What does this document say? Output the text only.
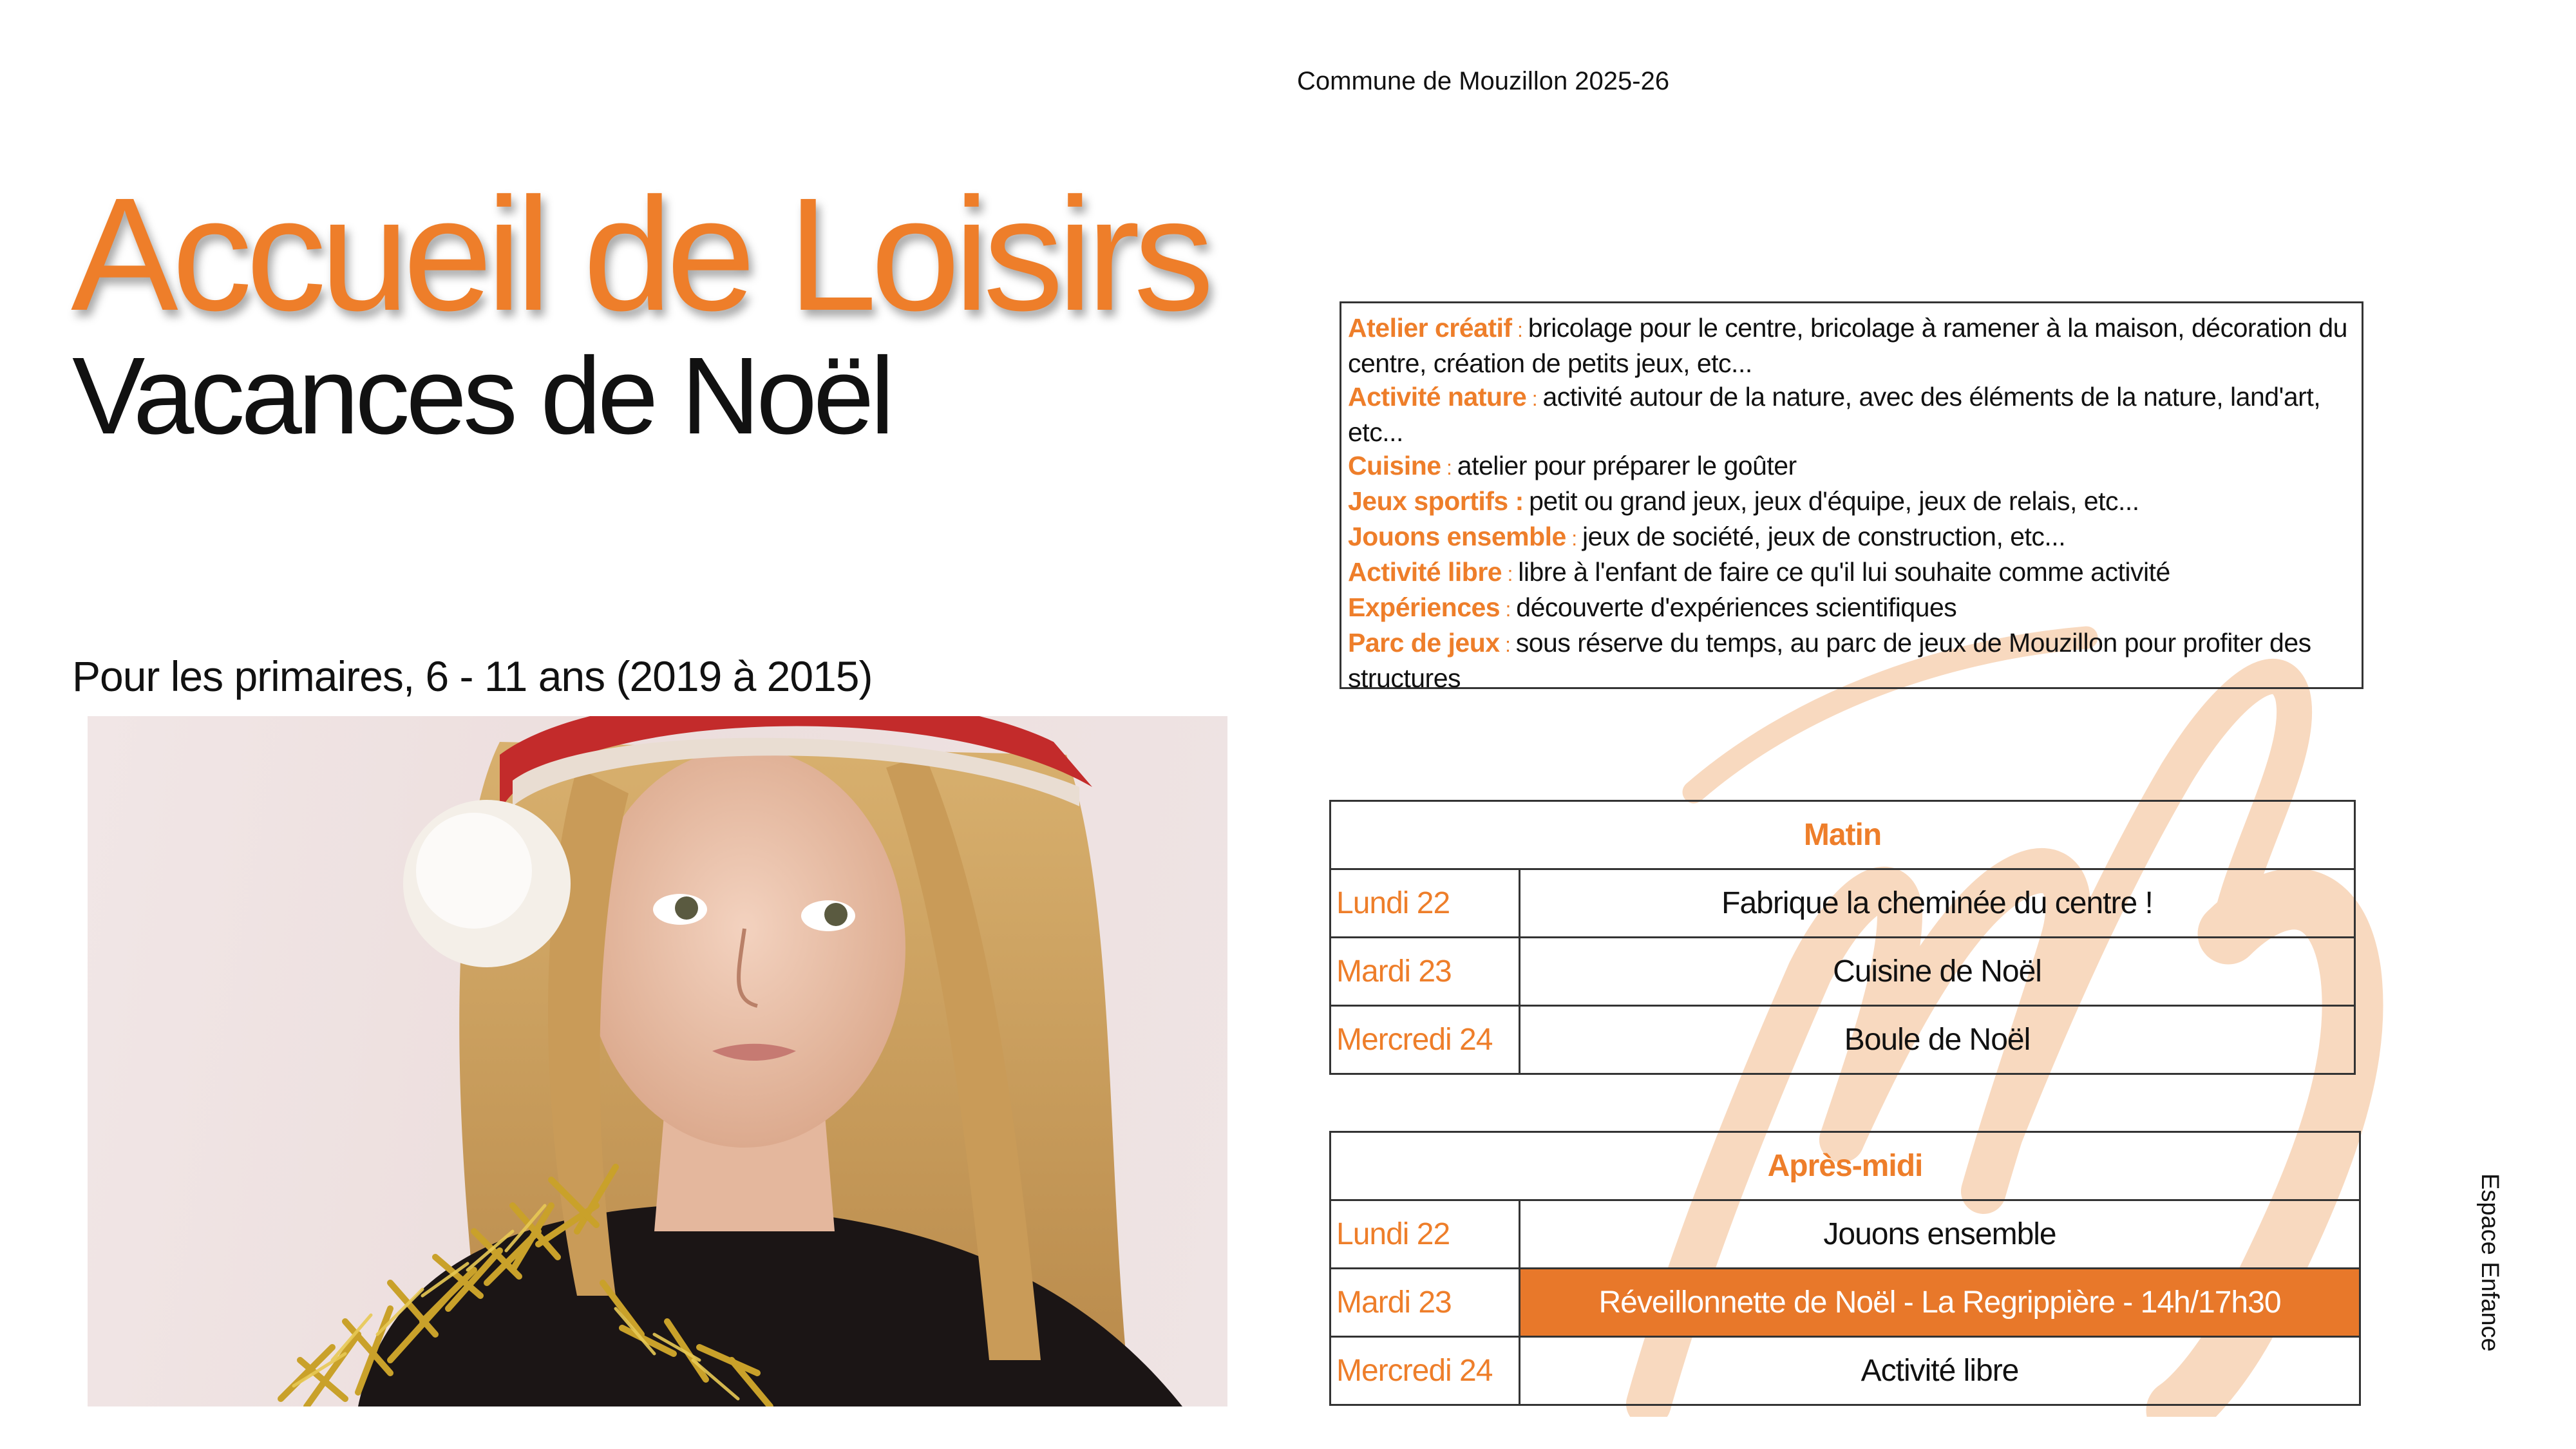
Commune de Mouzillon 2025-26
Accueil de Loisirs
Vacances de Noël
Pour les primaires, 6 - 11 ans (2019 à 2015)
Atelier créatif : bricolage pour le centre, bricolage à ramener à la maison, décoration du centre, création de petits jeux, etc...
Activité nature : activité autour de la nature, avec des éléments de la nature, land'art, etc...
Cuisine : atelier pour préparer le goûter
Jeux sportifs : petit ou grand jeux, jeux d'équipe, jeux de relais, etc...
Jouons ensemble : jeux de société, jeux de construction, etc...
Activité libre : libre à l'enfant de faire ce qu'il lui souhaite comme activité
Expériences : découverte d'expériences scientifiques
Parc de jeux : sous réserve du temps, au parc de jeux de Mouzillon pour profiter des structures
Matin	
Lundi 22	Fabrique la cheminée du centre !
Mardi 23	Cuisine de Noël
Mercredi 24	Boule de Noël
Après-midi	
Lundi 22	Jouons ensemble
Mardi 23	Réveillonnette de Noël - La Regrippière - 14h/17h30
Mercredi 24	Activité libre
Espace Enfance
